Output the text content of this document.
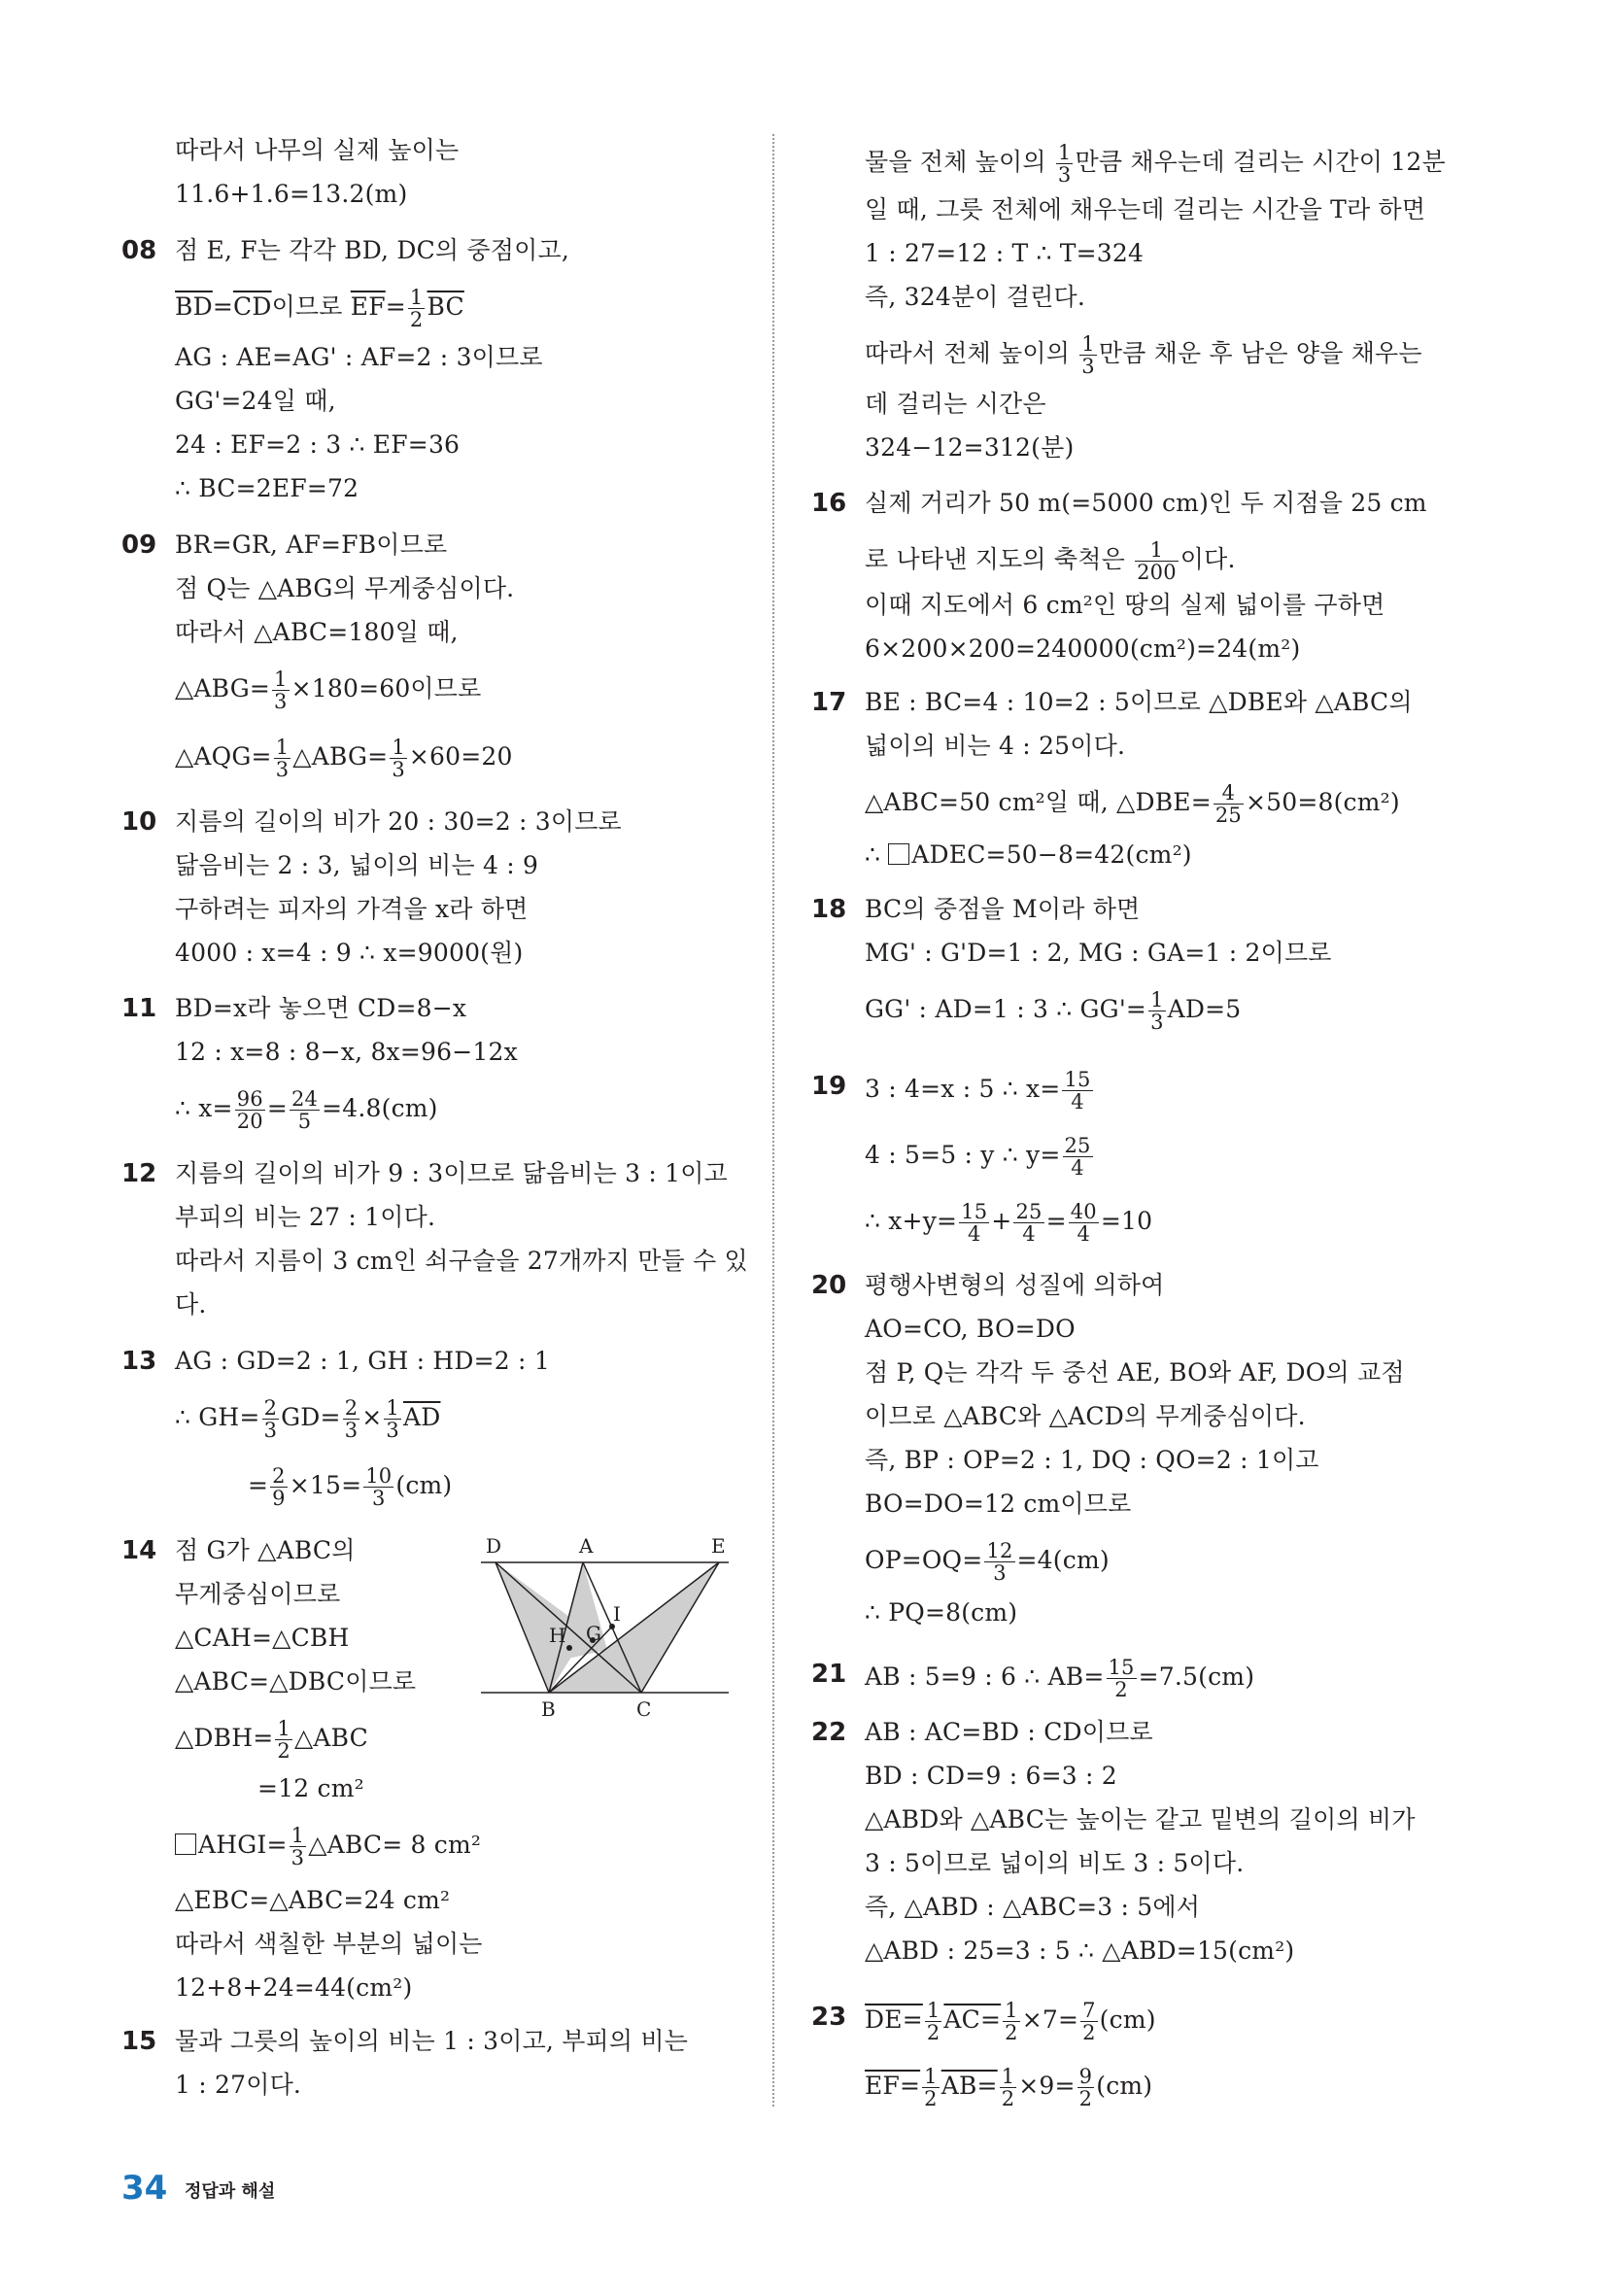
따라서 나무의 실제 높이는
11.6+1.6=13.2(m)
08 점 E, F는 각각 BD, DC의 중점이고,
$\overline{BD}=\overline{CD}$이므로 $\overline{EF}= \frac{1}{2} \overline{BC}$
AG : AE=AG' : AF=2 : 3이므로
GG'=24일 때,
24 : EF=2 : 3 ∴ EF=36
∴ BC=2EF=72
09 BR=GR, AF=FB이므로
점 Q는 △ABG의 무게중심이다.
따라서 △ABC=180일 때,
△ABG= $\frac{1}{3} \times 180=60$이므로
△AQG= $\frac{1}{3}$ △ABG= $\frac{1}{3} \times 60=20$
10 지름의 길이의 비가 20 : 30=2 : 3이므로
닮음비는 2 : 3, 넓이의 비는 4 : 9
구하려는 피자의 가격을 x라 하면
4000 : x=4 : 9 ∴ x=9000(원)
11 BD=x라 놓으면 CD=8−x
12 : x=8 : 8−x, 8x=96−12x
∴ $x= \frac{96}{20} = \frac{24}{5} =4.8(cm)$
12 지름의 길이의 비가 9 : 3이므로 닮음비는 3 : 1이고
부피의 비는 27 : 1이다.
따라서 지름이 3 cm인 쇠구슬을 27개까지 만들 수 있
다.
13 AG : GD=2 : 1, GH : HD=2 : 1
∴ $GH= \frac{2}{3} GD= \frac{2}{3} \times \frac{1}{3} \overline{AD}$
= $\frac{2}{9} \times 15= \frac{10}{3} (cm)$
14 점 G가 △ABC의
무게중심이므로
△CAH=△CBH
△ABC=△DBC이므로
△DBH= $\frac{1}{2}$ △ABC
=12 cm²
AHGI= $\frac{1}{3}$ △ABC= 8 cm²
△EBC=△ABC=24 cm²
따라서 색칠한 부분의 넓이는
12+8+24=44(cm²)
D	A	E
H G
I
B	C
15 물과 그릇의 높이의 비는 1 : 3이고, 부피의 비는
1 : 27이다.
물을 전체 높이의 $\frac{1}{3}$ 만큼 채우는데 걸리는 시간이 12분
일 때, 그릇 전체에 채우는데 걸리는 시간을 T라 하면
1 : 27=12 : T ∴ T=324
즉, 324분이 걸린다.
따라서 전체 높이의 $\frac{1}{3}$ 만큼 채운 후 남은 양을 채우는
데 걸리는 시간은
324−12=312(분)
16 실제 거리가 50 m(=5000 cm)인 두 지점을 25 cm
로 나타낸 지도의 축척은 $\frac{1}{200}$ 이다.
이때 지도에서 6 cm²인 땅의 실제 넓이를 구하면
6×200×200=240000(cm²)=24(m²)
17 BE : BC=4 : 10=2 : 5이므로 △DBE와 △ABC의
넓이의 비는 4 : 25이다.
△ABC=50 cm²일 때, △DBE= $\frac{4}{25} \times 50=8(cm^2)$
∴ ADEC=50−8=42(cm²)
18 BC의 중점을 M이라 하면
MG' : G'D=1 : 2, MG : GA=1 : 2이므로
GG' : AD=1 : 3 ∴ $GG'= \frac{1}{3} AD=5$
19 3 : 4=x : 5 ∴ $x= \frac{15}{4}$
4 : 5=5 : y ∴ $y= \frac{25}{4}$
∴ $x+y= \frac{15}{4} + \frac{25}{4} = \frac{40}{4} =10$
20 평행사변형의 성질에 의하여
AO=CO, BO=DO
점 P, Q는 각각 두 중선 AE, BO와 AF, DO의 교점
이므로 △ABC와 △ACD의 무게중심이다.
즉, BP : OP=2 : 1, DQ : QO=2 : 1이고
BO=DO=12 cm이므로
$OP=OQ= \frac{12}{3} =4(cm)$
∴ PQ=8(cm)
21 AB : 5=9 : 6 ∴ $AB= \frac{15}{2} =7.5(cm)$
22 AB : AC=BD : CD이므로
BD : CD=9 : 6=3 : 2
△ABD와 △ABC는 높이는 같고 밑변의 길이의 비가
3 : 5이므로 넓이의 비도 3 : 5이다.
즉, △ABD : △ABC=3 : 5에서
△ABD : 25=3 : 5 ∴ △ABD=15(cm²)
23 $DE= \frac{1}{2} AC= \frac{1}{2} \times 7= \frac{7}{2} (cm)$
$EF= \frac{1}{2} AB= \frac{1}{2} \times 9= \frac{9}{2} (cm)$
34 정답과 해설
